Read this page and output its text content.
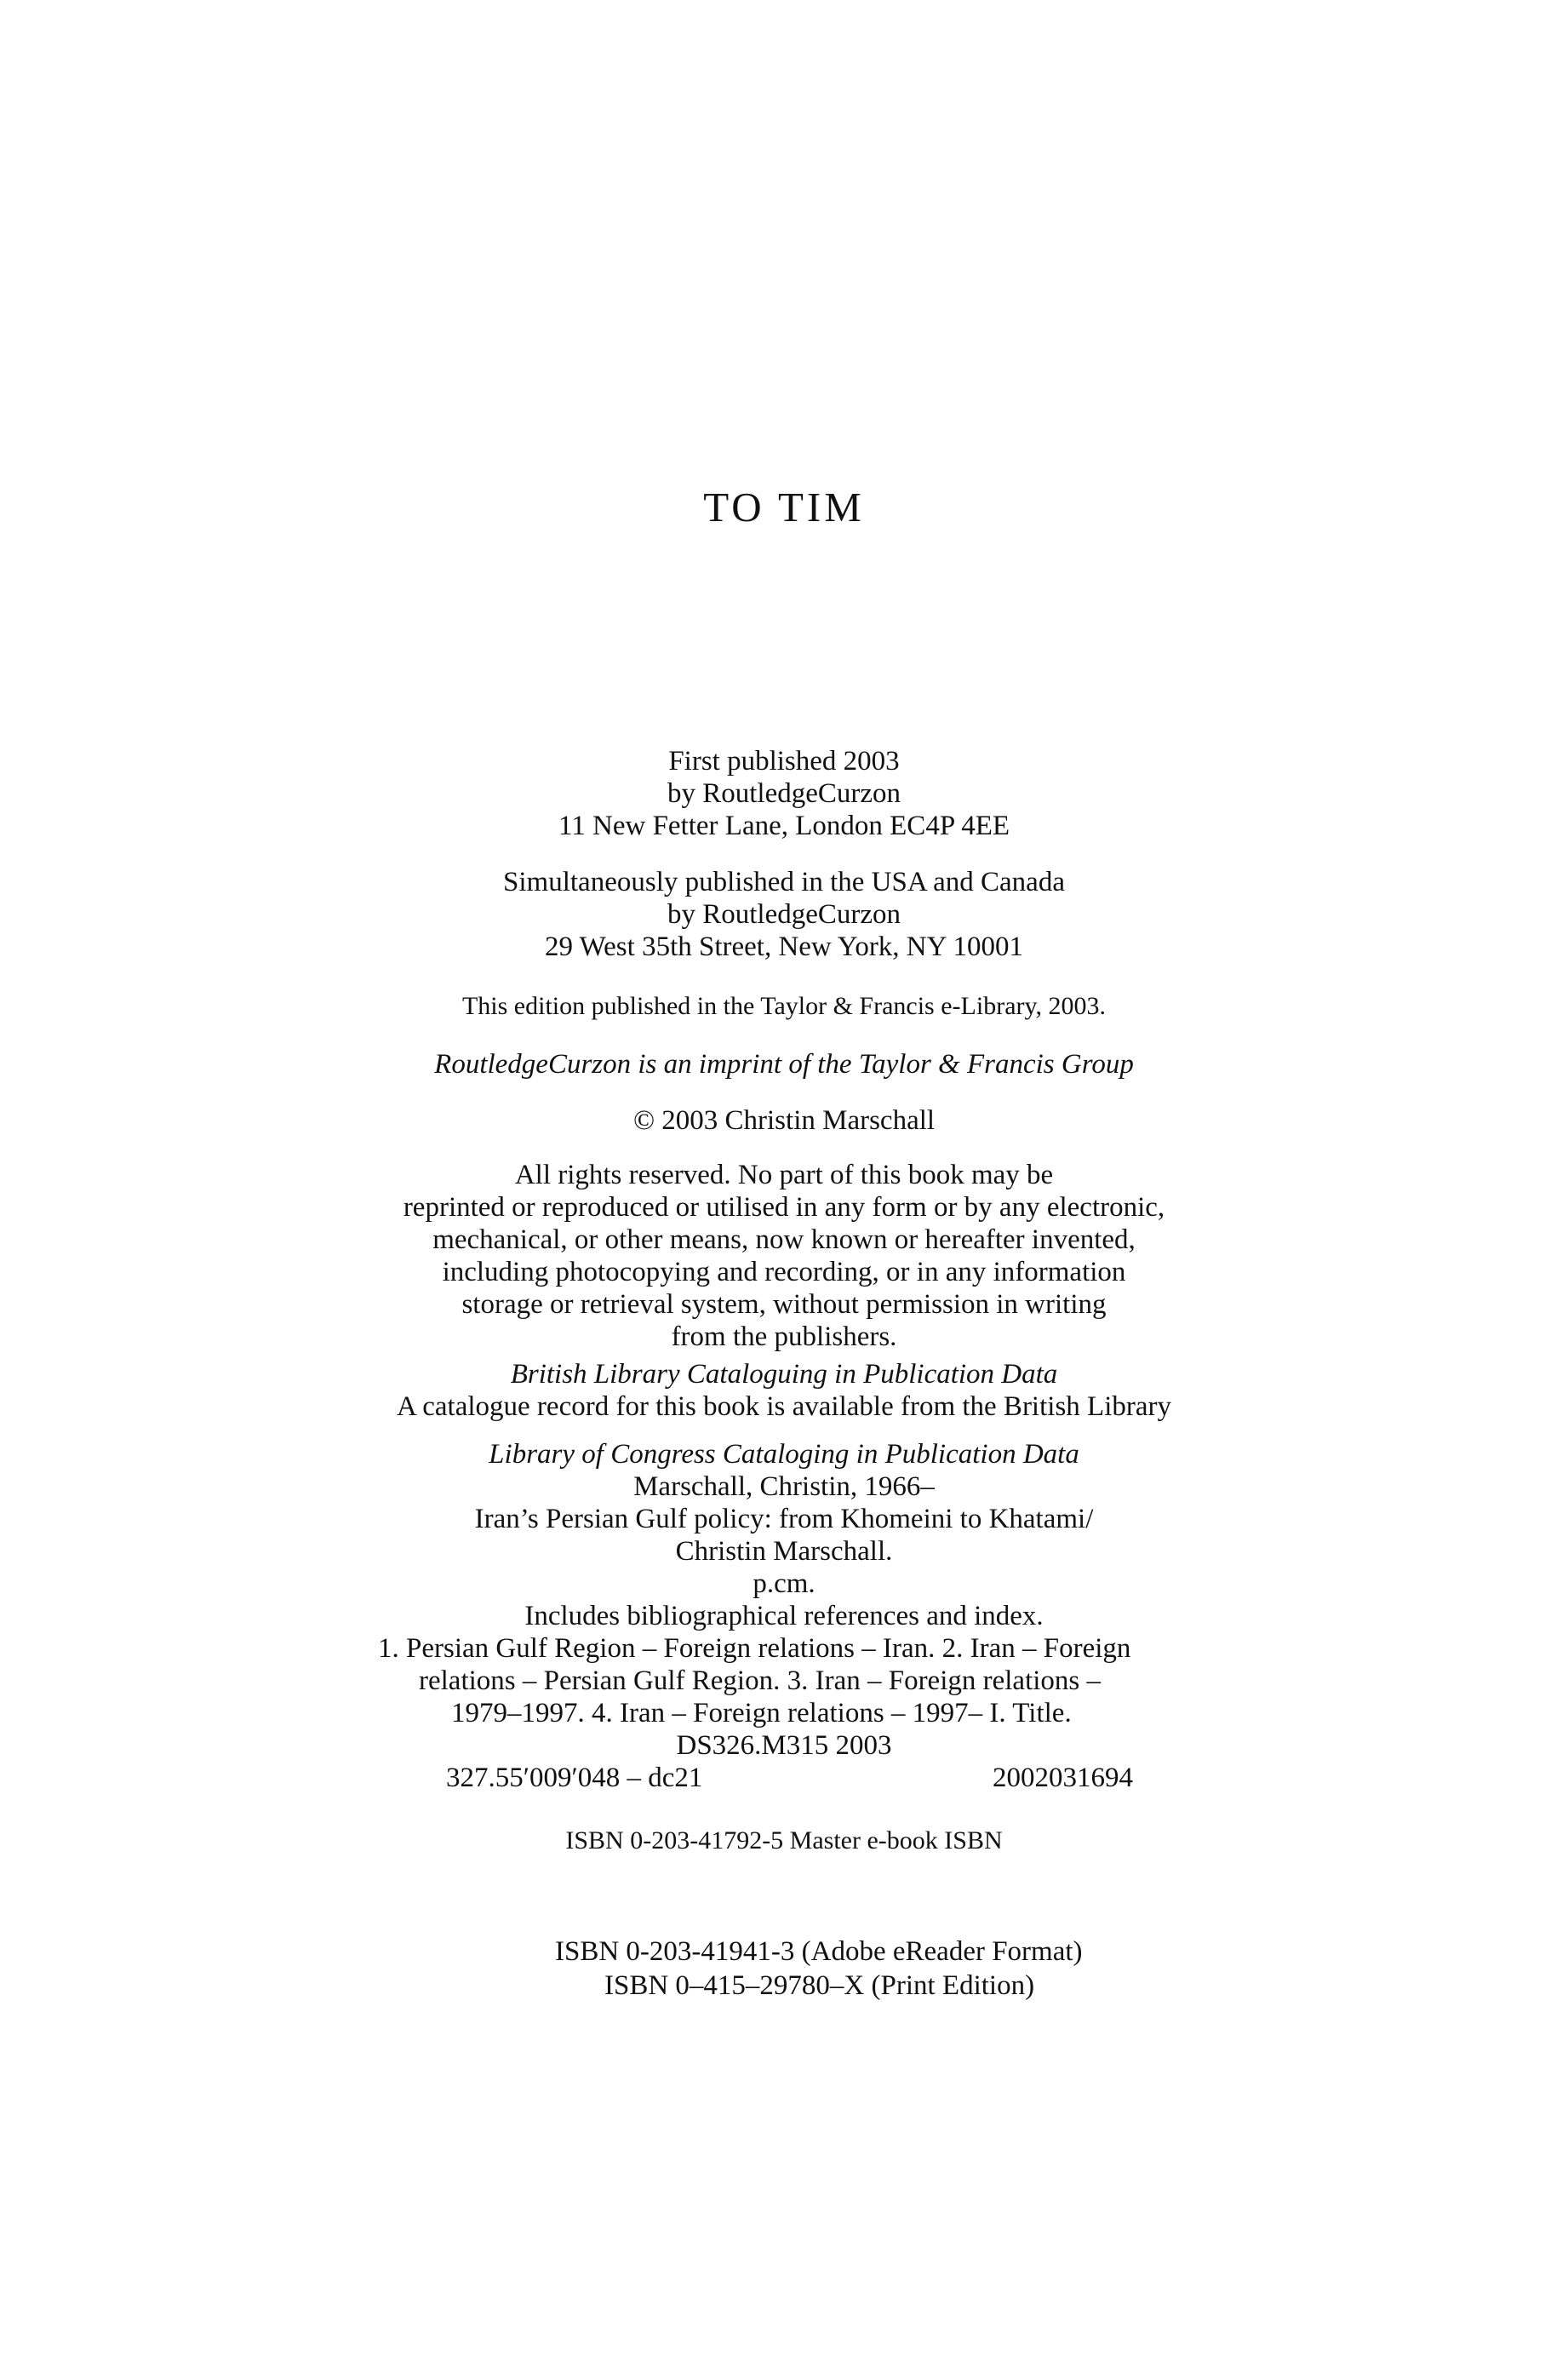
TO TIM
First published 2003
by RoutledgeCurzon
11 New Fetter Lane, London EC4P 4EE
Simultaneously published in the USA and Canada
by RoutledgeCurzon
29 West 35th Street, New York, NY 10001
This edition published in the Taylor & Francis e-Library, 2003.
RoutledgeCurzon is an imprint of the Taylor & Francis Group
© 2003 Christin Marschall
All rights reserved. No part of this book may be
reprinted or reproduced or utilised in any form or by any electronic,
mechanical, or other means, now known or hereafter invented,
including photocopying and recording, or in any information
storage or retrieval system, without permission in writing
from the publishers.
British Library Cataloguing in Publication Data
A catalogue record for this book is available from the British Library
Library of Congress Cataloging in Publication Data
Marschall, Christin, 1966–
Iran’s Persian Gulf policy: from Khomeini to Khatami/
Christin Marschall.
p.cm.
Includes bibliographical references and index.
1. Persian Gulf Region – Foreign relations – Iran. 2. Iran – Foreign
relations – Persian Gulf Region. 3. Iran – Foreign relations –
1979–1997. 4. Iran – Foreign relations – 1997– I. Title.
DS326.M315 2003
327.55′009′048 – dc21	2002031694
ISBN 0-203-41792-5 Master e-book ISBN
ISBN 0-203-41941-3 (Adobe eReader Format)
ISBN 0–415–29780–X (Print Edition)
